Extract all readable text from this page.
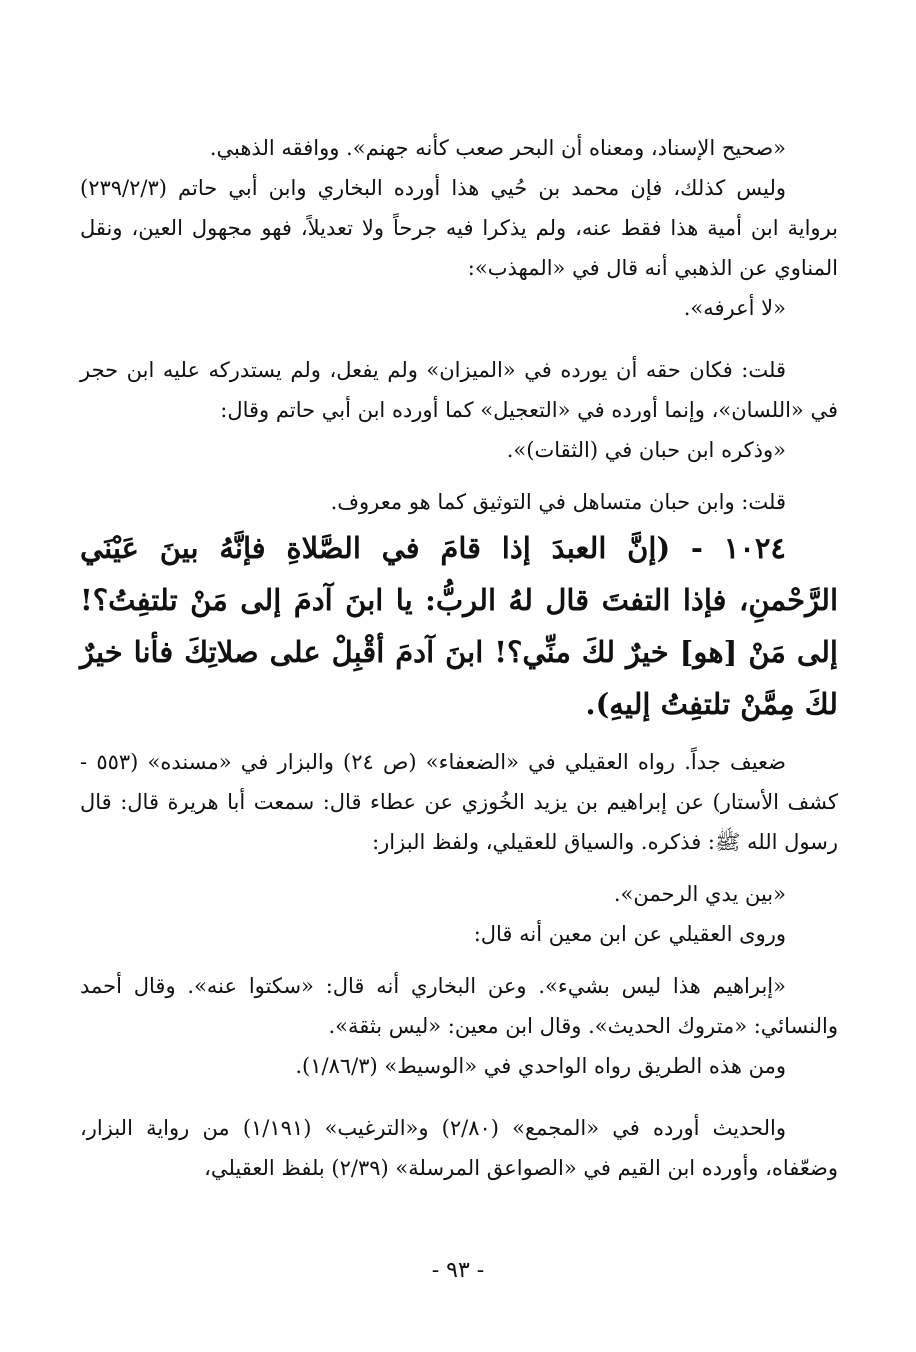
«صحيح الإسناد، ومعناه أن البحر صعب كأنه جهنم». ووافقه الذهبي.

وليس كذلك، فإن محمد بن حُيي هذا أورده البخاري وابن أبي حاتم (٢٣٩/٢/٣) برواية ابن أمية هذا فقط عنه، ولم يذكرا فيه جرحاً ولا تعديلاً، فهو مجهول العين، ونقل المناوي عن الذهبي أنه قال في «المهذب»:

«لا أعرفه».

قلت: فكان حقه أن يورده في «الميزان» ولم يفعل، ولم يستدركه عليه ابن حجر في «اللسان»، وإنما أورده في «التعجيل» كما أورده ابن أبي حاتم وقال:

«وذكره ابن حبان في (الثقات)».

قلت: وابن حبان متساهل في التوثيق كما هو معروف.

١٠٢٤ - (إنَّ العبدَ إذا قامَ في الصَّلاةِ فإنَّهُ بينَ عَيْنَي الرَّحْمنِ، فإذا التفتَ قال لهُ الربُّ: يا ابنَ آدمَ إلى مَنْ تلتفِتُ؟! إلى مَنْ [هو] خيرٌ لكَ منِّي؟! ابنَ آدمَ أقْبِلْ على صلاتِكَ فأنا خيرٌ لكَ مِمَّنْ تلتفِتُ إليهِ).

ضعيف جداً. رواه العقيلي في «الضعفاء» (ص ٢٤) والبزار في «مسنده» (٥٥٣ - كشف الأستار) عن إبراهيم بن يزيد الخُوزي عن عطاء قال: سمعت أبا هريرة قال: قال رسول الله ﷺ: فذكره. والسياق للعقيلي، ولفظ البزار:

«بين يدي الرحمن».

وروى العقيلي عن ابن معين أنه قال:

«إبراهيم هذا ليس بشيء». وعن البخاري أنه قال: «سكتوا عنه». وقال أحمد والنسائي: «متروك الحديث». وقال ابن معين: «ليس بثقة».

ومن هذه الطريق رواه الواحدي في «الوسيط» (١/٨٦/٣).

والحديث أورده في «المجمع» (٢/٨٠) و«الترغيب» (١/١٩١) من رواية البزار، وضعّفاه، وأورده ابن القيم في «الصواعق المرسلة» (٢/٣٩) بلفظ العقيلي،

- ٩٣ -
